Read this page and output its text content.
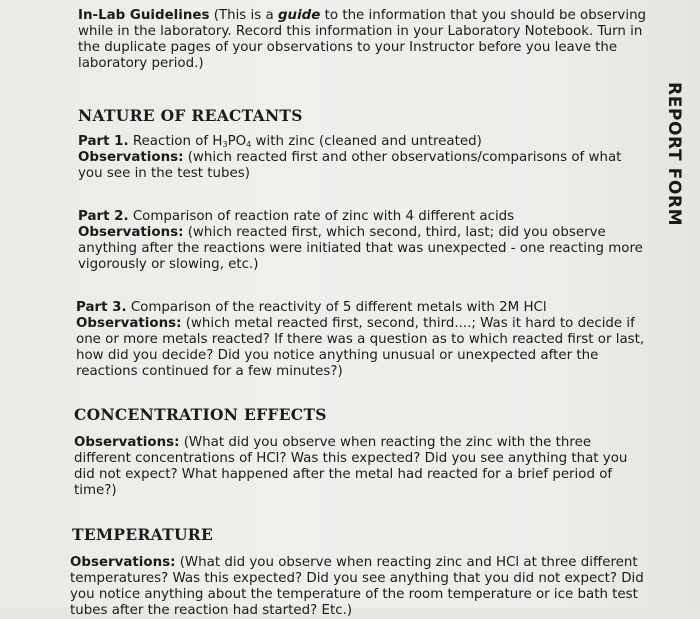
In-Lab Guidelines (This is a guide to the information that you should be observing while in the laboratory. Record this information in your Laboratory Notebook. Turn in the duplicate pages of your observations to your Instructor before you leave the laboratory period.)

NATURE OF REACTANTS

Part 1. Reaction of $H_3PO_4$ with zinc (cleaned and untreated)

Observations: (which reacted first and other observations/comparisons of what you see in the test tubes)

Part 2. Comparison of reaction rate of zinc with 4 different acids

Observations: (which reacted first, which second, third, last; did you observe anything after the reactions were initiated that was unexpected - one reacting more vigorously or slowing, etc.)

Part 3. Comparison of the reactivity of 5 different metals with 2M HCl

Observations: (which metal reacted first, second, third....; Was it hard to decide if one or more metals reacted? If there was a question as to which reacted first or last, how did you decide? Did you notice anything unusual or unexpected after the reactions continued for a few minutes?)

CONCENTRATION EFFECTS

Observations: (What did you observe when reacting the zinc with the three different concentrations of HCl? Was this expected? Did you see anything that you did not expect? What happened after the metal had reacted for a brief period of time?)

TEMPERATURE

Observations: (What did you observe when reacting zinc and HCl at three different temperatures? Was this expected? Did you see anything that you did not expect? Did you notice anything about the temperature of the room temperature or ice bath test tubes after the reaction had started? Etc.)

REPORT FORM
